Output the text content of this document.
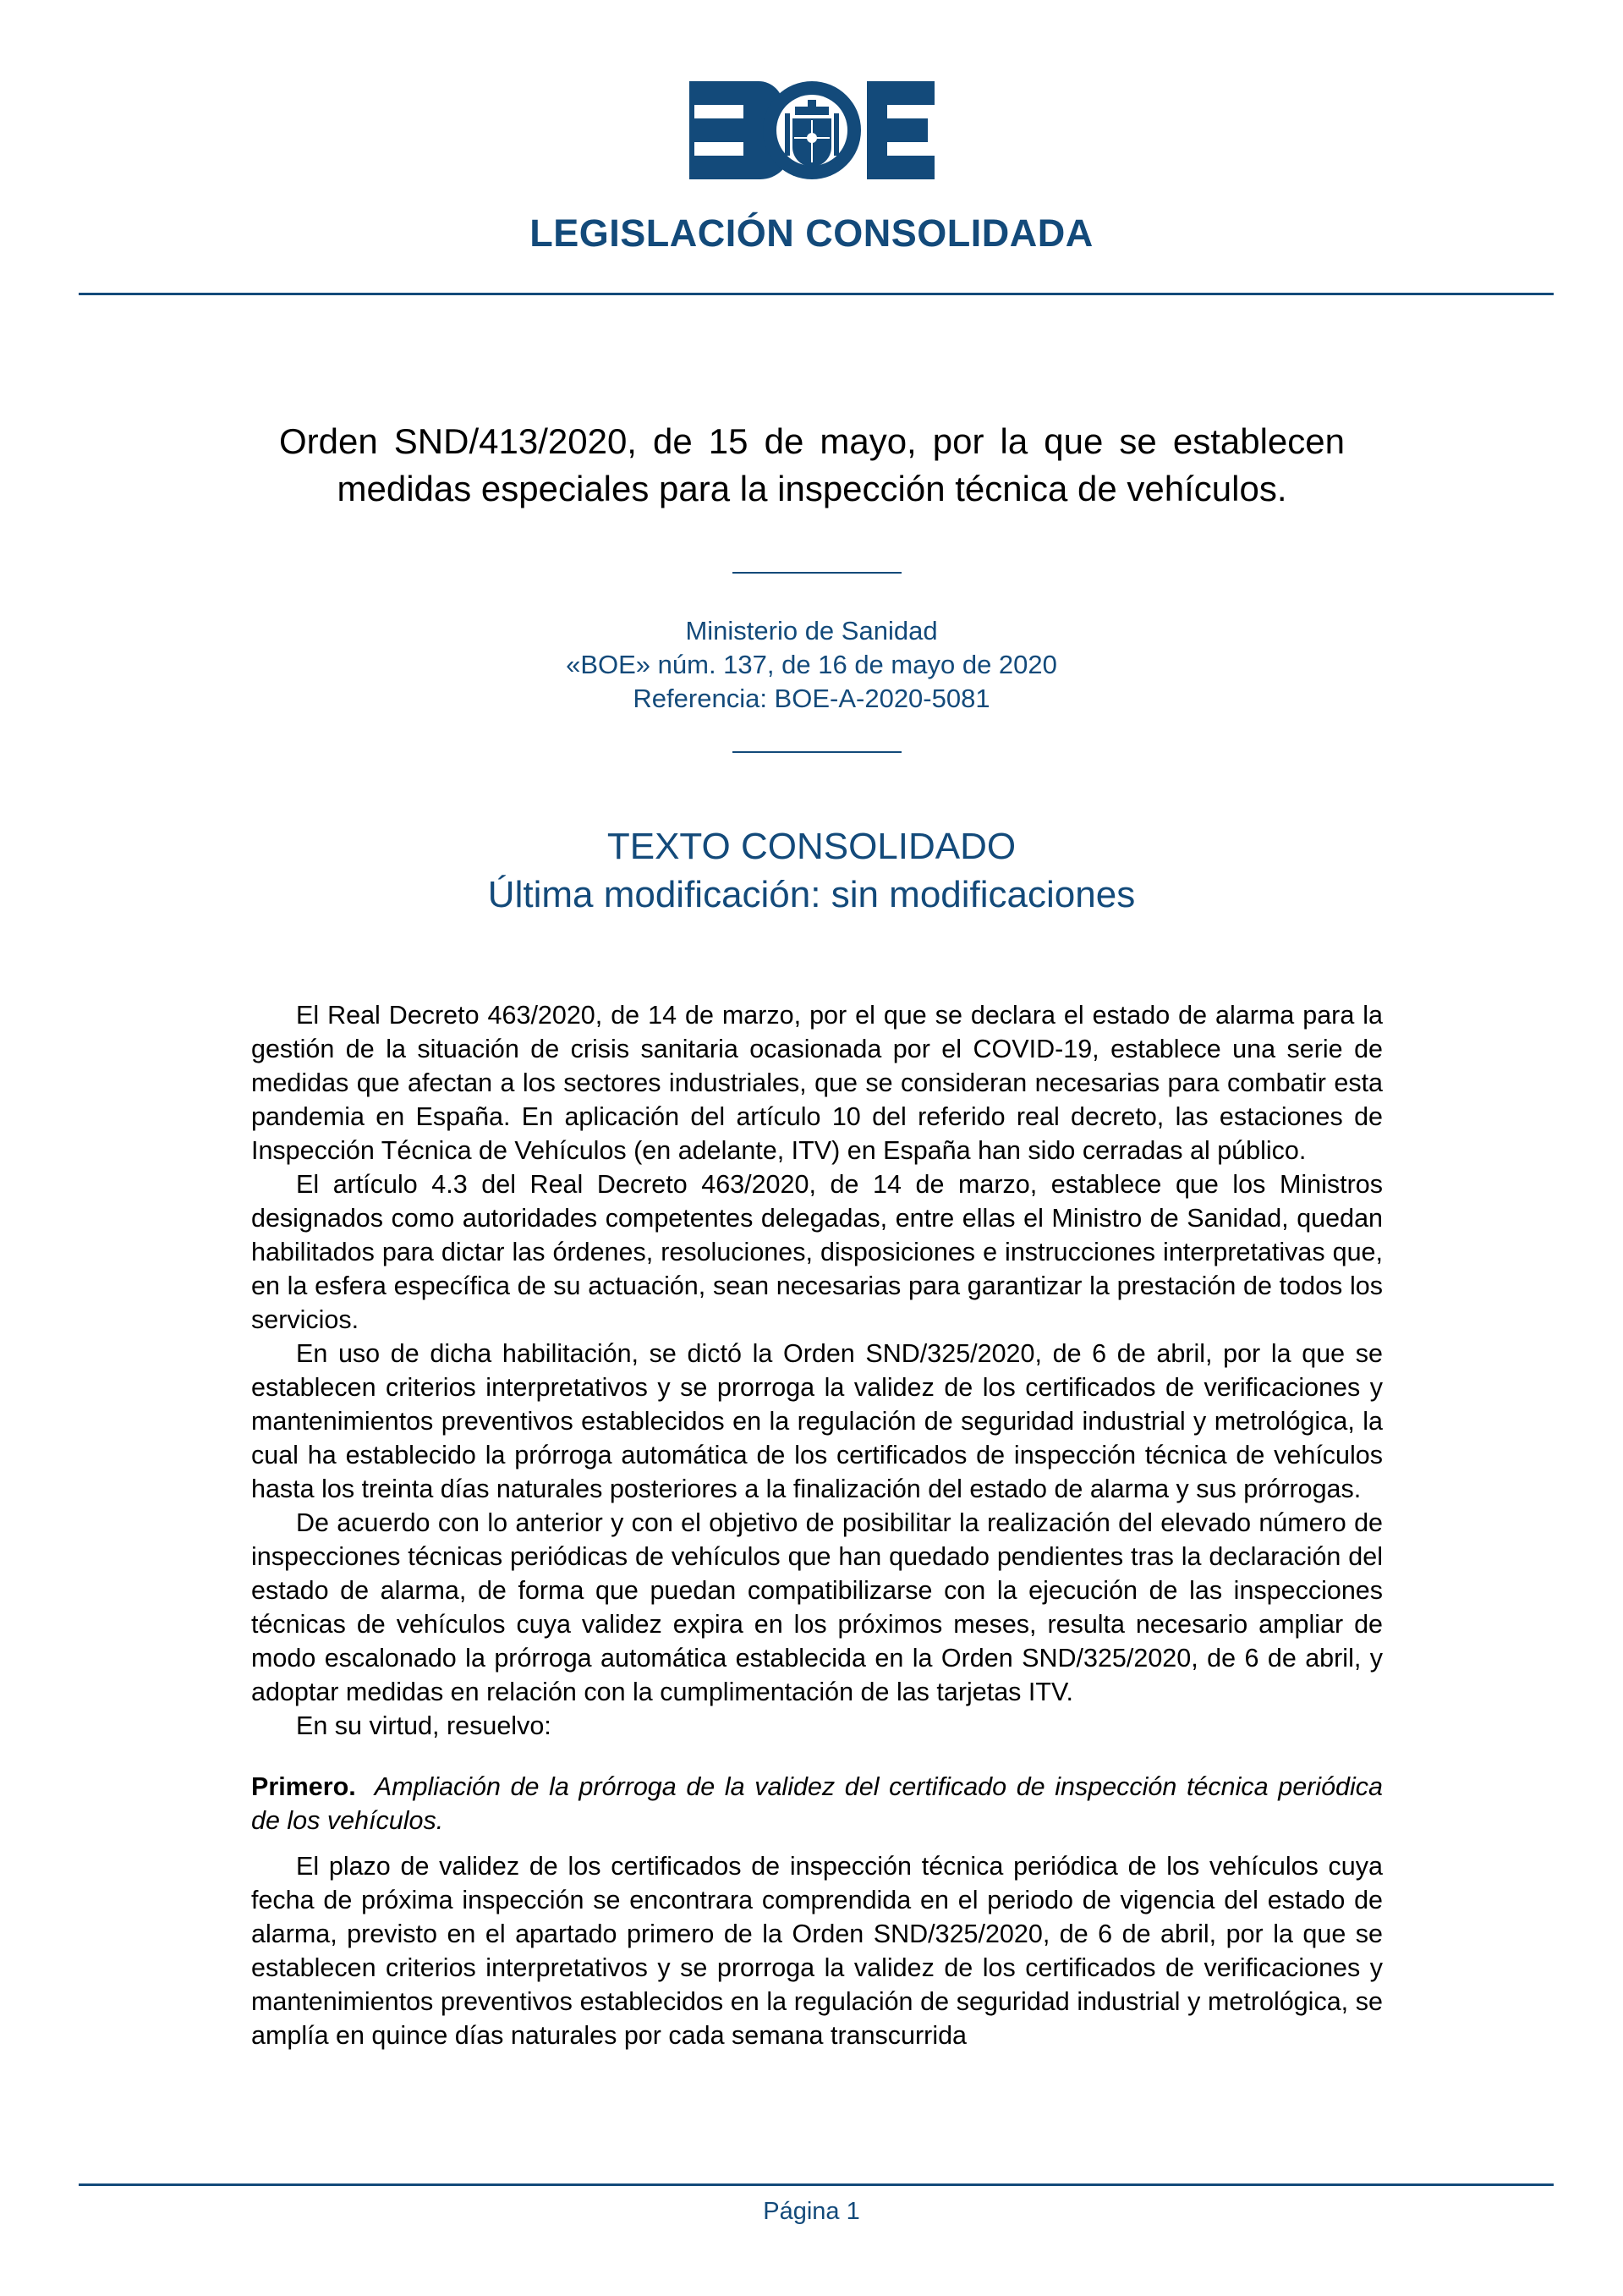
LEGISLACIÓN CONSOLIDADA
Orden SND/413/2020, de 15 de mayo, por la que se establecen medidas especiales para la inspección técnica de vehículos.
Ministerio de Sanidad
«BOE» núm. 137, de 16 de mayo de 2020
Referencia: BOE-A-2020-5081
TEXTO CONSOLIDADO
Última modificación: sin modificaciones

El Real Decreto 463/2020, de 14 de marzo, por el que se declara el estado de alarma para la gestión de la situación de crisis sanitaria ocasionada por el COVID-19, establece una serie de medidas que afectan a los sectores industriales, que se consideran necesarias para combatir esta pandemia en España. En aplicación del artículo 10 del referido real decreto, las estaciones de Inspección Técnica de Vehículos (en adelante, ITV) en España han sido cerradas al público.

El artículo 4.3 del Real Decreto 463/2020, de 14 de marzo, establece que los Ministros designados como autoridades competentes delegadas, entre ellas el Ministro de Sanidad, quedan habilitados para dictar las órdenes, resoluciones, disposiciones e instrucciones interpretativas que, en la esfera específica de su actuación, sean necesarias para garantizar la prestación de todos los servicios.

En uso de dicha habilitación, se dictó la Orden SND/325/2020, de 6 de abril, por la que se establecen criterios interpretativos y se prorroga la validez de los certificados de verificaciones y mantenimientos preventivos establecidos en la regulación de seguridad industrial y metrológica, la cual ha establecido la prórroga automática de los certificados de inspección técnica de vehículos hasta los treinta días naturales posteriores a la finalización del estado de alarma y sus prórrogas.

De acuerdo con lo anterior y con el objetivo de posibilitar la realización del elevado número de inspecciones técnicas periódicas de vehículos que han quedado pendientes tras la declaración del estado de alarma, de forma que puedan compatibilizarse con la ejecución de las inspecciones técnicas de vehículos cuya validez expira en los próximos meses, resulta necesario ampliar de modo escalonado la prórroga automática establecida en la Orden SND/325/2020, de 6 de abril, y adoptar medidas en relación con la cumplimentación de las tarjetas ITV.

En su virtud, resuelvo:

Primero. Ampliación de la prórroga de la validez del certificado de inspección técnica periódica de los vehículos.

El plazo de validez de los certificados de inspección técnica periódica de los vehículos cuya fecha de próxima inspección se encontrara comprendida en el periodo de vigencia del estado de alarma, previsto en el apartado primero de la Orden SND/325/2020, de 6 de abril, por la que se establecen criterios interpretativos y se prorroga la validez de los certificados de verificaciones y mantenimientos preventivos establecidos en la regulación de seguridad industrial y metrológica, se amplía en quince días naturales por cada semana transcurrida

Página 1
